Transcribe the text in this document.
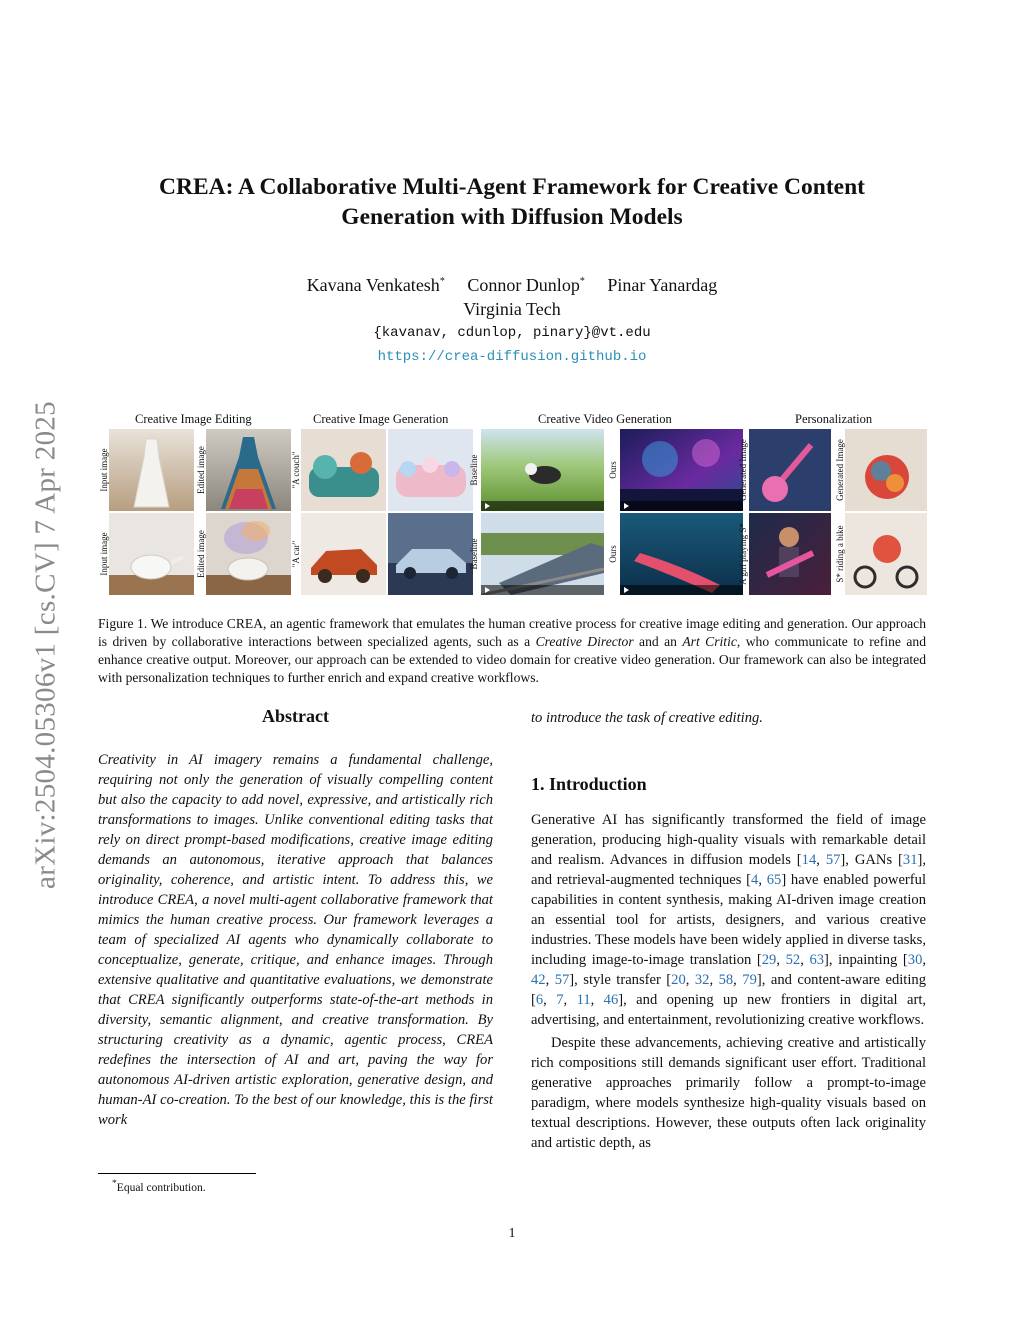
arXiv:2504.05306v1 [cs.CV] 7 Apr 2025
CREA: A Collaborative Multi-Agent Framework for Creative Content
Generation with Diffusion Models
Kavana Venkatesh* Connor Dunlop* Pinar Yanardag
Virginia Tech
{kavanav, cdunlop, pinary}@vt.edu
https://crea-diffusion.github.io
Creative Image Editing	Creative Image Generation	Creative Video Generation	Personalization
Input image	Edited image
Input image	Edited image
"A couch"
"A car"
Baseline	Ours
Baseline	Ours
Generated Image	Generated Image
A girl playing S*	S* riding a bike
Figure 1. We introduce CREA, an agentic framework that emulates the human creative process for creative image editing and generation. Our approach is driven by collaborative interactions between specialized agents, such as a Creative Director and an Art Critic, who communicate to refine and enhance creative output. Moreover, our approach can be extended to video domain for creative video generation. Our framework can also be integrated with personalization techniques to further enrich and expand creative workflows.
Abstract
Creativity in AI imagery remains a fundamental challenge, requiring not only the generation of visually compelling content but also the capacity to add novel, expressive, and artistically rich transformations to images. Unlike conventional editing tasks that rely on direct prompt-based modifications, creative image editing demands an autonomous, iterative approach that balances originality, coherence, and artistic intent. To address this, we introduce CREA, a novel multi-agent collaborative framework that mimics the human creative process. Our framework leverages a team of specialized AI agents who dynamically collaborate to conceptualize, generate, critique, and enhance images. Through extensive qualitative and quantitative evaluations, we demonstrate that CREA significantly outperforms state-of-the-art methods in diversity, semantic alignment, and creative transformation. By structuring creativity as a dynamic, agentic process, CREA redefines the intersection of AI and art, paving the way for autonomous AI-driven artistic exploration, generative design, and human-AI co-creation. To the best of our knowledge, this is the first work
to introduce the task of creative editing.
1. Introduction

Generative AI has significantly transformed the field of image generation, producing high-quality visuals with remarkable detail and realism. Advances in diffusion models [14, 57], GANs [31], and retrieval-augmented techniques [4, 65] have enabled powerful capabilities in content synthesis, making AI-driven image creation an essential tool for artists, designers, and various creative industries. These models have been widely applied in diverse tasks, including image-to-image translation [29, 52, 63], inpainting [30, 42, 57], style transfer [20, 32, 58, 79], and content-aware editing [6, 7, 11, 46], and opening up new frontiers in digital art, advertising, and entertainment, revolutionizing creative workflows.

Despite these advancements, achieving creative and artistically rich compositions still demands significant user effort. Traditional generative approaches primarily follow a prompt-to-image paradigm, where models synthesize high-quality visuals based on textual descriptions. However, these outputs often lack originality and artistic depth, as

*Equal contribution.
1
